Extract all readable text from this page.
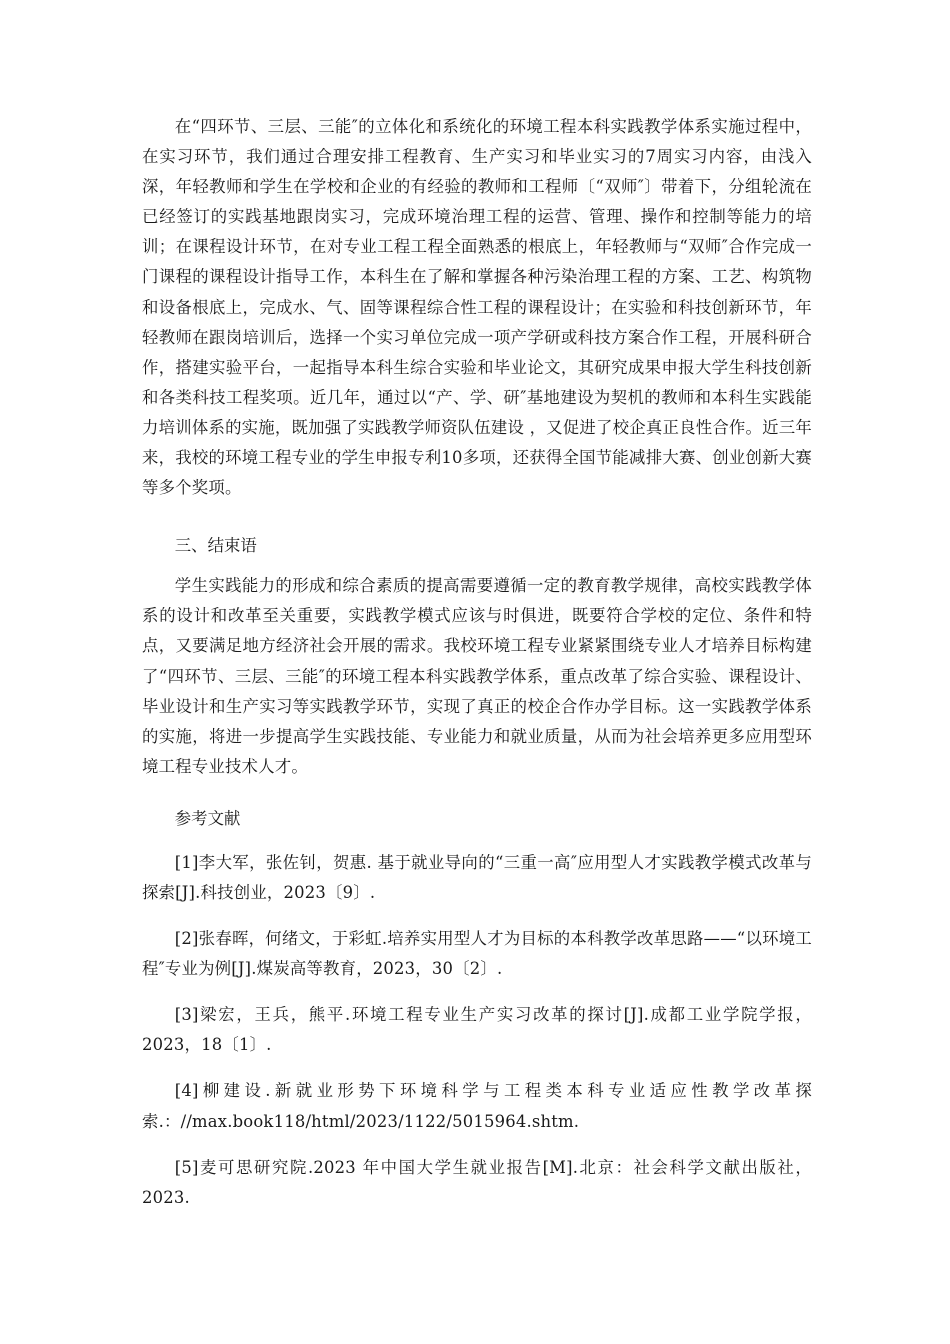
在“四环节、三层、三能″的立体化和系统化的环境工程本科实践教学体系实施过程中，在实习环节，我们通过合理安排工程教育、生产实习和毕业实习的7周实习内容，由浅入深，年轻教师和学生在学校和企业的有经验的教师和工程师〔“双师″〕带着下，分组轮流在已经签订的实践基地跟岗实习，完成环境治理工程的运营、管理、操作和控制等能力的培训；在课程设计环节，在对专业工程工程全面熟悉的根底上，年轻教师与“双师″合作完成一门课程的课程设计指导工作，本科生在了解和掌握各种污染治理工程的方案、工艺、构筑物和设备根底上，完成水、气、固等课程综合性工程的课程设计；在实验和科技创新环节，年轻教师在跟岗培训后，选择一个实习单位完成一项产学研或科技方案合作工程，开展科研合作，搭建实验平台，一起指导本科生综合实验和毕业论文，其研究成果申报大学生科技创新和各类科技工程奖项。近几年，通过以“产、学、研″基地建设为契机的教师和本科生实践能力培训体系的实施，既加强了实践教学师资队伍建设 ，又促进了校企真正良性合作。近三年来，我校的环境工程专业的学生申报专利10多项，还获得全国节能减排大赛、创业创新大赛等多个奖项。

三、结束语

学生实践能力的形成和综合素质的提高需要遵循一定的教育教学规律，高校实践教学体系的设计和改革至关重要，实践教学模式应该与时俱进，既要符合学校的定位、条件和特点，又要满足地方经济社会开展的需求。我校环境工程专业紧紧围绕专业人才培养目标构建了“四环节、三层、三能″的环境工程本科实践教学体系，重点改革了综合实验、课程设计、毕业设计和生产实习等实践教学环节，实现了真正的校企合作办学目标。这一实践教学体系的实施，将进一步提高学生实践技能、专业能力和就业质量，从而为社会培养更多应用型环境工程专业技术人才。

参考文献

[1]李大军，张佐钊，贺惠. 基于就业导向的“三重一高″应用型人才实践教学模式改革与探索[J].科技创业，2023〔9〕.

[2]张春晖，何绪文，于彩虹.培养实用型人才为目标的本科教学改革思路——“以环境工程″专业为例[J].煤炭高等教育，2023，30〔2〕.

[3]梁宏，王兵，熊平.环境工程专业生产实习改革的探讨[J].成都工业学院学报，2023，18〔1〕.

[4]柳建设.新就业形势下环境科学与工程类本科专业适应性教学改革探索.：//max.book118/html/2023/1122/5015964.shtm.

[5]麦可思研究院.2023 年中国大学生就业报告[M].北京：社会科学文献出版社，2023.
